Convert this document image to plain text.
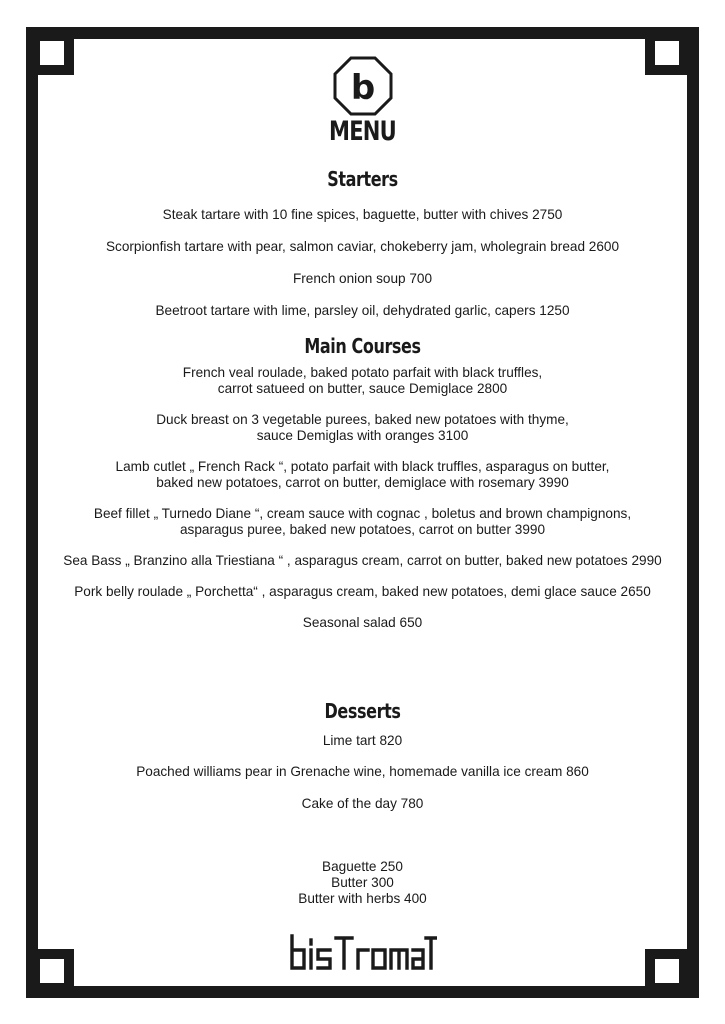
b
MENU
Starters
Steak tartare with 10 fine spices, baguette, butter with chives 2750
Scorpionfish tartare with pear, salmon caviar, chokeberry jam, wholegrain bread 2600
French onion soup 700
Beetroot tartare with lime, parsley oil, dehydrated garlic, capers 1250
Main Courses
French veal roulade, baked potato parfait with black truffles,
carrot satueed on butter, sauce Demiglace 2800
Duck breast on 3 vegetable purees, baked new potatoes with thyme,
sauce Demiglas with oranges 3100
Lamb cutlet „ French Rack “, potato parfait with black truffles, asparagus on butter,
baked new potatoes, carrot on butter, demiglace with rosemary 3990
Beef fillet „ Turnedo Diane “, cream sauce with cognac , boletus and brown champignons,
asparagus puree, baked new potatoes, carrot on butter 3990
Sea Bass „ Branzino alla Triestiana “ , asparagus cream, carrot on butter, baked new potatoes 2990
Pork belly roulade „ Porchetta“ , asparagus cream, baked new potatoes, demi glace sauce 2650
Seasonal salad 650
Desserts
Lime tart 820
Poached williams pear in Grenache wine, homemade vanilla ice cream 860
Cake of the day 780
Baguette 250
Butter 300
Butter with herbs 400
